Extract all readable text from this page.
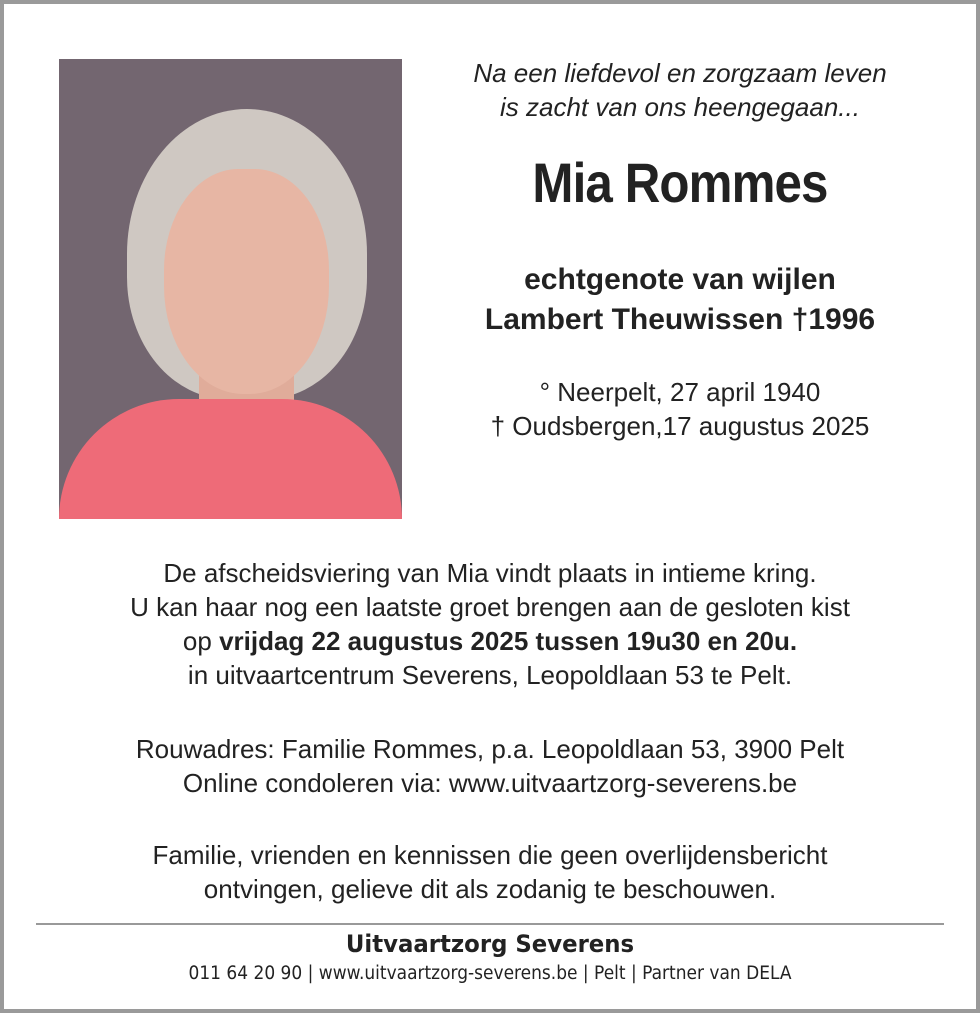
Na een liefdevol en zorgzaam leven
is zacht van ons heengegaan...
Mia Rommes
echtgenote van wijlen
Lambert Theuwissen †1996
° Neerpelt, 27 april 1940
† Oudsbergen,17 augustus 2025
De afscheidsviering van Mia vindt plaats in intieme kring.
U kan haar nog een laatste groet brengen aan de gesloten kist
op vrijdag 22 augustus 2025 tussen 19u30 en 20u.
in uitvaartcentrum Severens, Leopoldlaan 53 te Pelt.
Rouwadres: Familie Rommes, p.a. Leopoldlaan 53, 3900 Pelt
Online condoleren via: www.uitvaartzorg-severens.be
Familie, vrienden en kennissen die geen overlijdensbericht
ontvingen, gelieve dit als zodanig te beschouwen.
Uitvaartzorg Severens
011 64 20 90 | www.uitvaartzorg-severens.be | Pelt | Partner van DELA
